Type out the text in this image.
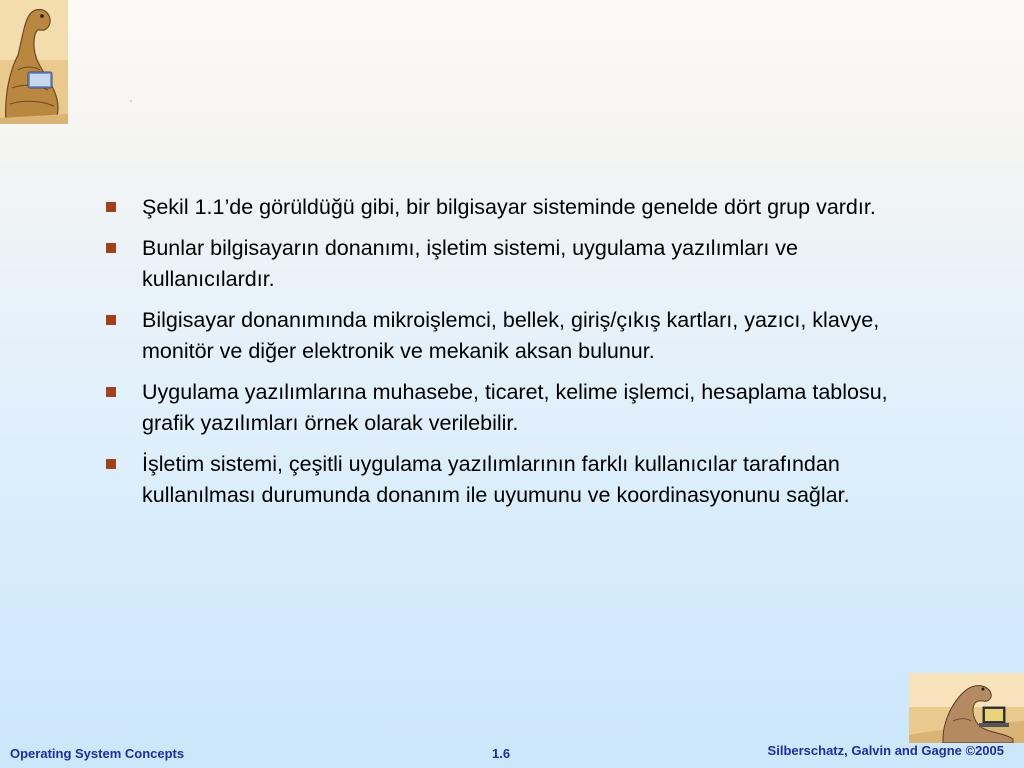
Şekil 1.1’de görüldüğü gibi, bir bilgisayar sisteminde genelde dört grup vardır.
Bunlar bilgisayarın donanımı, işletim sistemi, uygulama yazılımları ve kullanıcılardır.
Bilgisayar donanımında mikroişlemci, bellek, giriş/çıkış kartları, yazıcı, klavye, monitör ve diğer elektronik ve mekanik aksan bulunur.
Uygulama yazılımlarına muhasebe, ticaret, kelime işlemci, hesaplama tablosu, grafik yazılımları örnek olarak verilebilir.
İşletim sistemi, çeşitli uygulama yazılımlarının farklı kullanıcılar tarafından kullanılması durumunda donanım ile uyumunu ve koordinasyonunu sağlar.
Operating System Concepts	1.6	Silberschatz, Galvin and Gagne ©2005
